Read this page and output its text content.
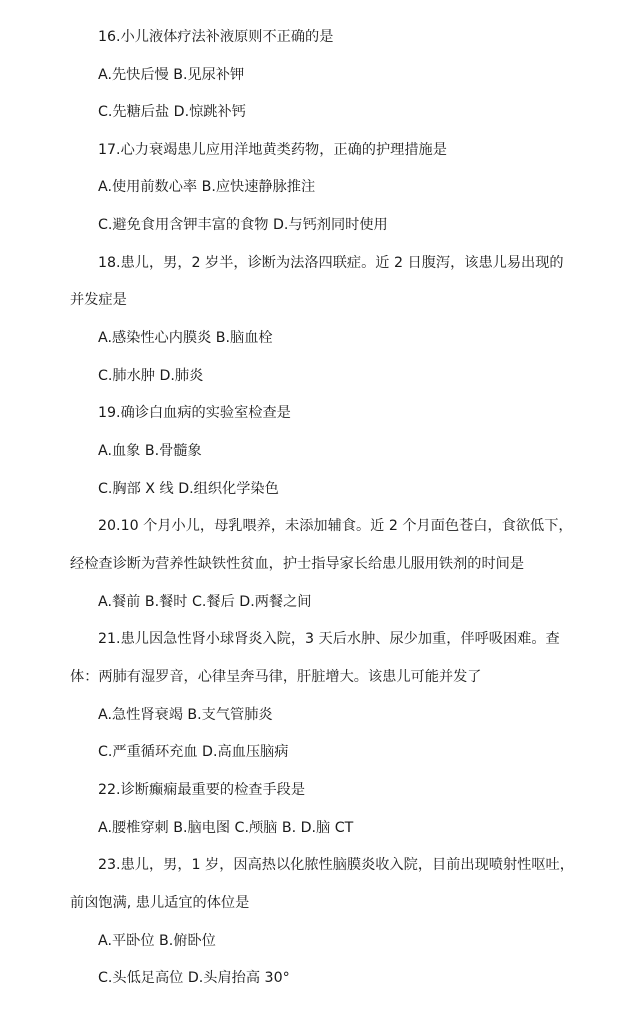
16.小儿液体疗法补液原则不正确的是
A.先快后慢 B.见尿补钾
C.先糖后盐 D.惊跳补钙
17.心力衰竭患儿应用洋地黄类药物，正确的护理措施是
A.使用前数心率 B.应快速静脉推注
C.避免食用含钾丰富的食物 D.与钙剂同时使用
18.患儿，男，2 岁半，诊断为法洛四联症。近 2 日腹泻，该患儿易出现的
并发症是
A.感染性心内膜炎 B.脑血栓
C.肺水肿 D.肺炎
19.确诊白血病的实验室检查是
A.血象 B.骨髓象
C.胸部 X 线 D.组织化学染色
20.10 个月小儿，母乳喂养，未添加辅食。近 2 个月面色苍白，食欲低下，
经检查诊断为营养性缺铁性贫血，护士指导家长给患儿服用铁剂的时间是
A.餐前 B.餐时 C.餐后 D.两餐之间
21.患儿因急性肾小球肾炎入院，3 天后水肿、尿少加重，伴呼吸困难。查
体：两肺有湿罗音，心律呈奔马律，肝脏增大。该患儿可能并发了
A.急性肾衰竭 B.支气管肺炎
C.严重循环充血 D.高血压脑病
22.诊断癫痫最重要的检查手段是
A.腰椎穿刺 B.脑电图 C.颅脑 B. D.脑 CT
23.患儿，男，1 岁，因高热以化脓性脑膜炎收入院，目前出现喷射性呕吐，
前囟饱满, 患儿适宜的体位是
A.平卧位 B.俯卧位
C.头低足高位 D.头肩抬高 30°
